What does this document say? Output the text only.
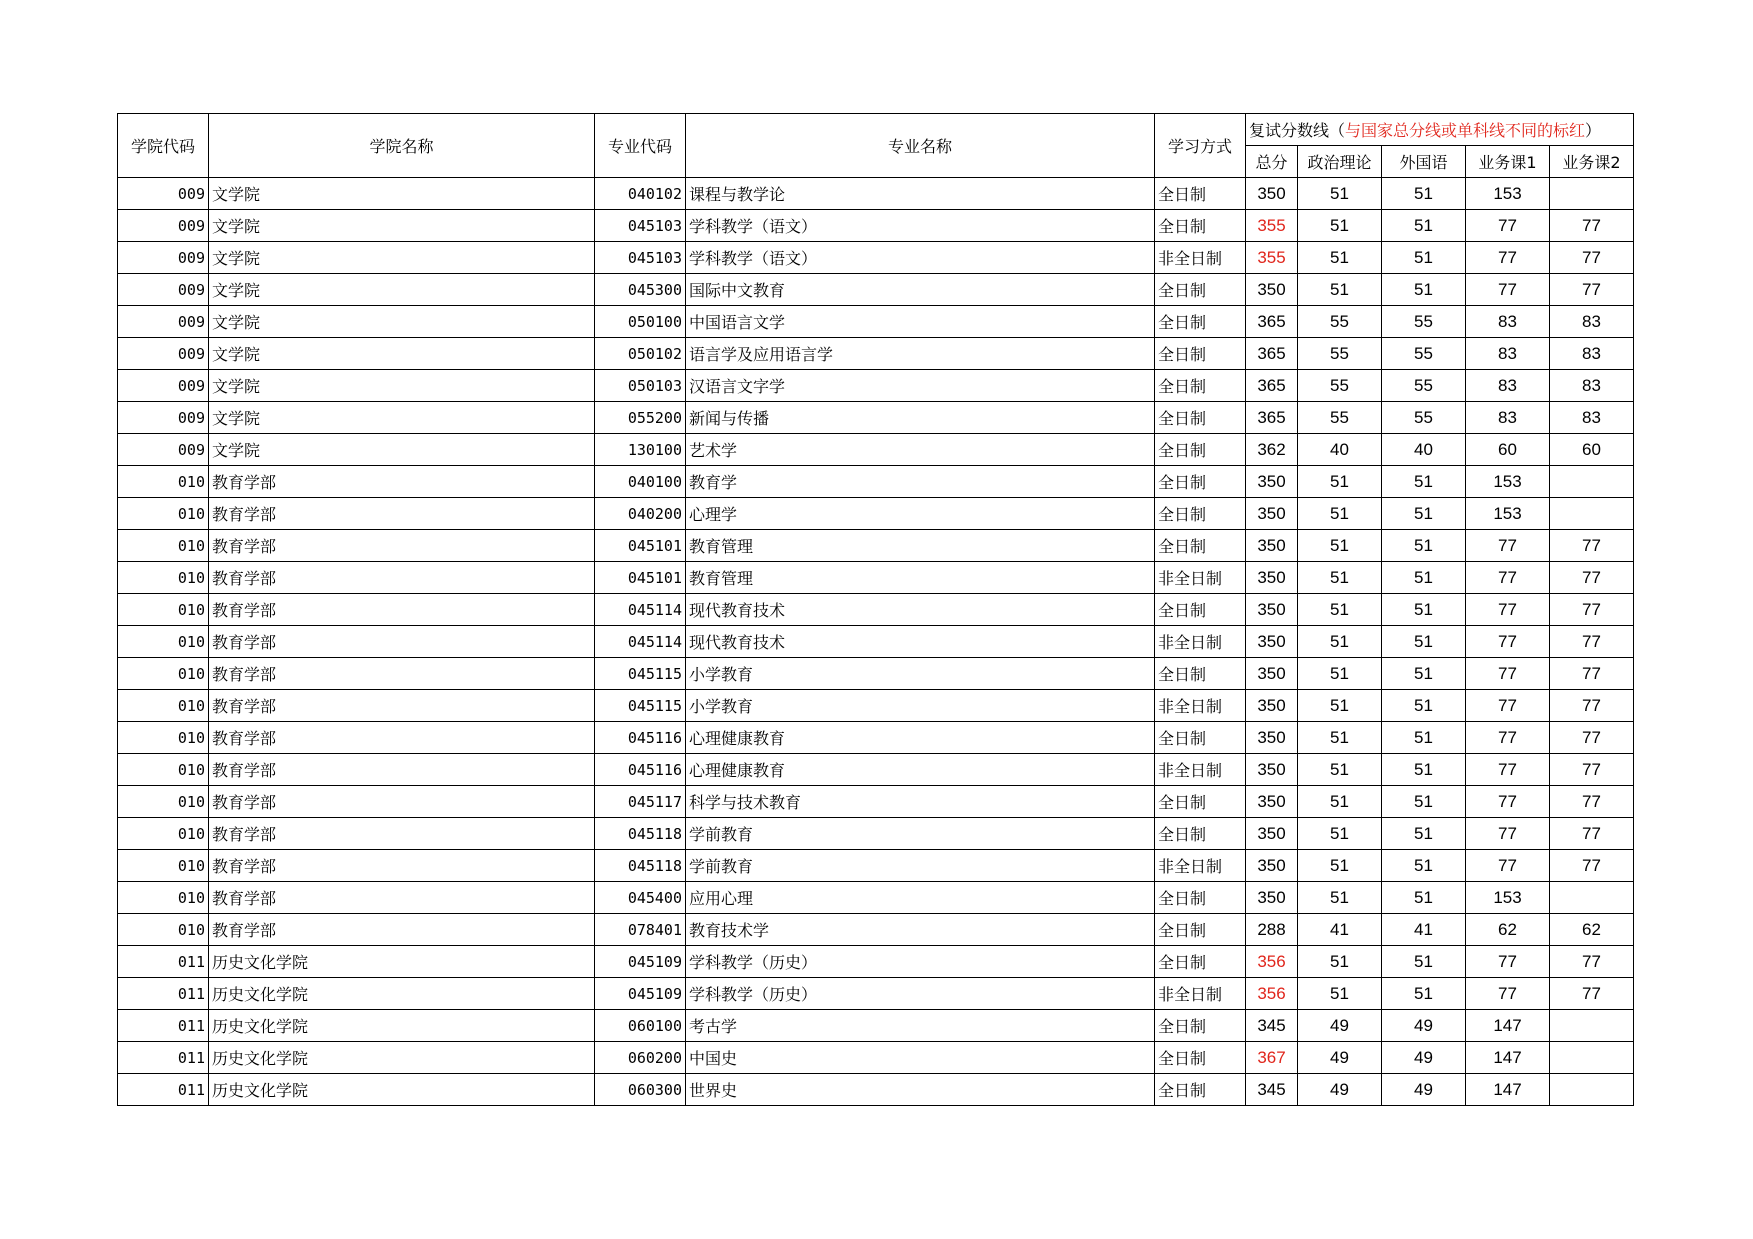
学院代码	学院名称	专业代码	专业名称	学习方式	复试分数线（与国家总分线或单科线不同的标红）				
					总分	政治理论	外国语	业务课1	业务课2
009	文学院	040102	课程与教学论	全日制	350	51	51	153	
009	文学院	045103	学科教学（语文）	全日制	355	51	51	77	77
009	文学院	045103	学科教学（语文）	非全日制	355	51	51	77	77
009	文学院	045300	国际中文教育	全日制	350	51	51	77	77
009	文学院	050100	中国语言文学	全日制	365	55	55	83	83
009	文学院	050102	语言学及应用语言学	全日制	365	55	55	83	83
009	文学院	050103	汉语言文字学	全日制	365	55	55	83	83
009	文学院	055200	新闻与传播	全日制	365	55	55	83	83
009	文学院	130100	艺术学	全日制	362	40	40	60	60
010	教育学部	040100	教育学	全日制	350	51	51	153	
010	教育学部	040200	心理学	全日制	350	51	51	153	
010	教育学部	045101	教育管理	全日制	350	51	51	77	77
010	教育学部	045101	教育管理	非全日制	350	51	51	77	77
010	教育学部	045114	现代教育技术	全日制	350	51	51	77	77
010	教育学部	045114	现代教育技术	非全日制	350	51	51	77	77
010	教育学部	045115	小学教育	全日制	350	51	51	77	77
010	教育学部	045115	小学教育	非全日制	350	51	51	77	77
010	教育学部	045116	心理健康教育	全日制	350	51	51	77	77
010	教育学部	045116	心理健康教育	非全日制	350	51	51	77	77
010	教育学部	045117	科学与技术教育	全日制	350	51	51	77	77
010	教育学部	045118	学前教育	全日制	350	51	51	77	77
010	教育学部	045118	学前教育	非全日制	350	51	51	77	77
010	教育学部	045400	应用心理	全日制	350	51	51	153	
010	教育学部	078401	教育技术学	全日制	288	41	41	62	62
011	历史文化学院	045109	学科教学（历史）	全日制	356	51	51	77	77
011	历史文化学院	045109	学科教学（历史）	非全日制	356	51	51	77	77
011	历史文化学院	060100	考古学	全日制	345	49	49	147	
011	历史文化学院	060200	中国史	全日制	367	49	49	147	
011	历史文化学院	060300	世界史	全日制	345	49	49	147	
